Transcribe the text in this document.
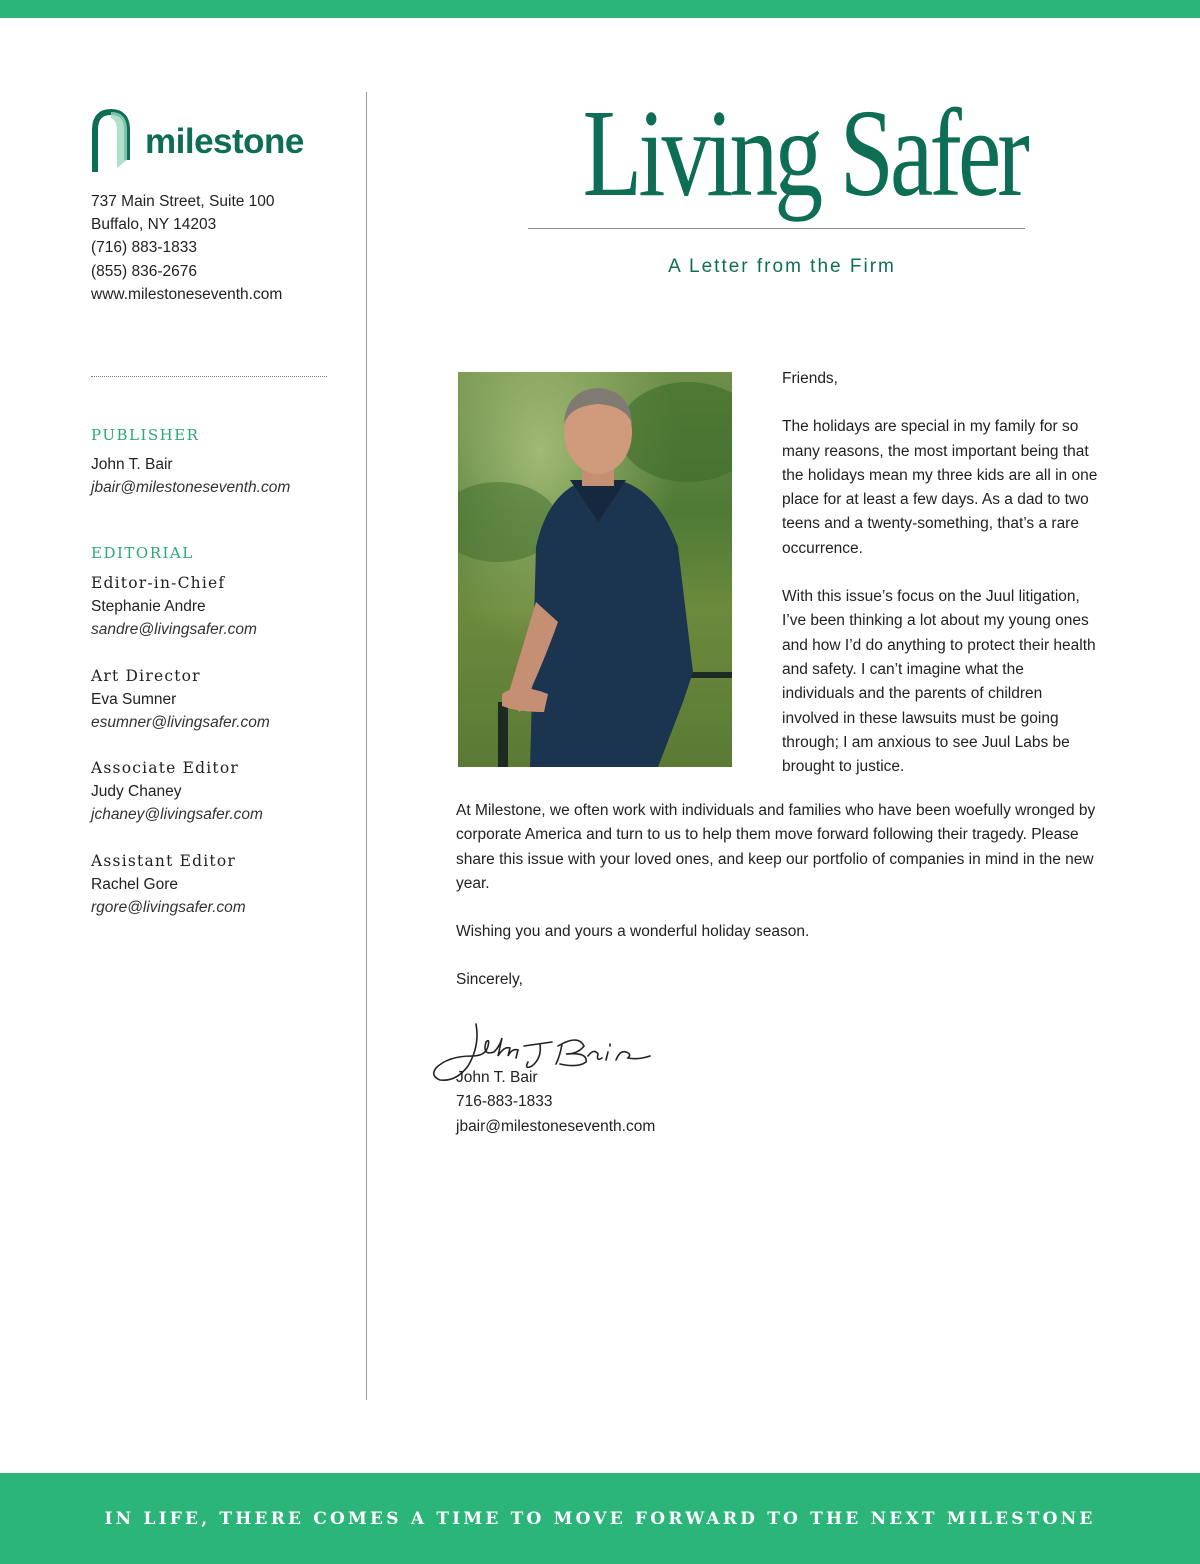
milestone
737 Main Street, Suite 100
Buffalo, NY 14203
(716) 883-1833
(855) 836-2676
www.milestoneseventh.com
PUBLISHER
John T. Bair
jbair@milestoneseventh.com
EDITORIAL
Editor-in-Chief
Stephanie Andre
sandre@livingsafer.com
Art Director
Eva Sumner
esumner@livingsafer.com
Associate Editor
Judy Chaney
jchaney@livingsafer.com
Assistant Editor
Rachel Gore
rgore@livingsafer.com
Living Safer
A Letter from the Firm

Friends,

The holidays are special in my family for so many reasons, the most important being that the holidays mean my three kids are all in one place for at least a few days. As a dad to two teens and a twenty-something, that’s a rare occurrence.

With this issue’s focus on the Juul litigation, I’ve been thinking a lot about my young ones and how I’d do anything to protect their health and safety. I can’t imagine what the individuals and the parents of children involved in these lawsuits must be going through; I am anxious to see Juul Labs be brought to justice.

At Milestone, we often work with individuals and families who have been woefully wronged by corporate America and turn to us to help them move forward following their tragedy. Please share this issue with your loved ones, and keep our portfolio of companies in mind in the new year.

Wishing you and yours a wonderful holiday season.

Sincerely,

John T. Bair
716-883-1833
jbair@milestoneseventh.com
IN LIFE, THERE COMES A TIME TO MOVE FORWARD TO THE NEXT MILESTONE
